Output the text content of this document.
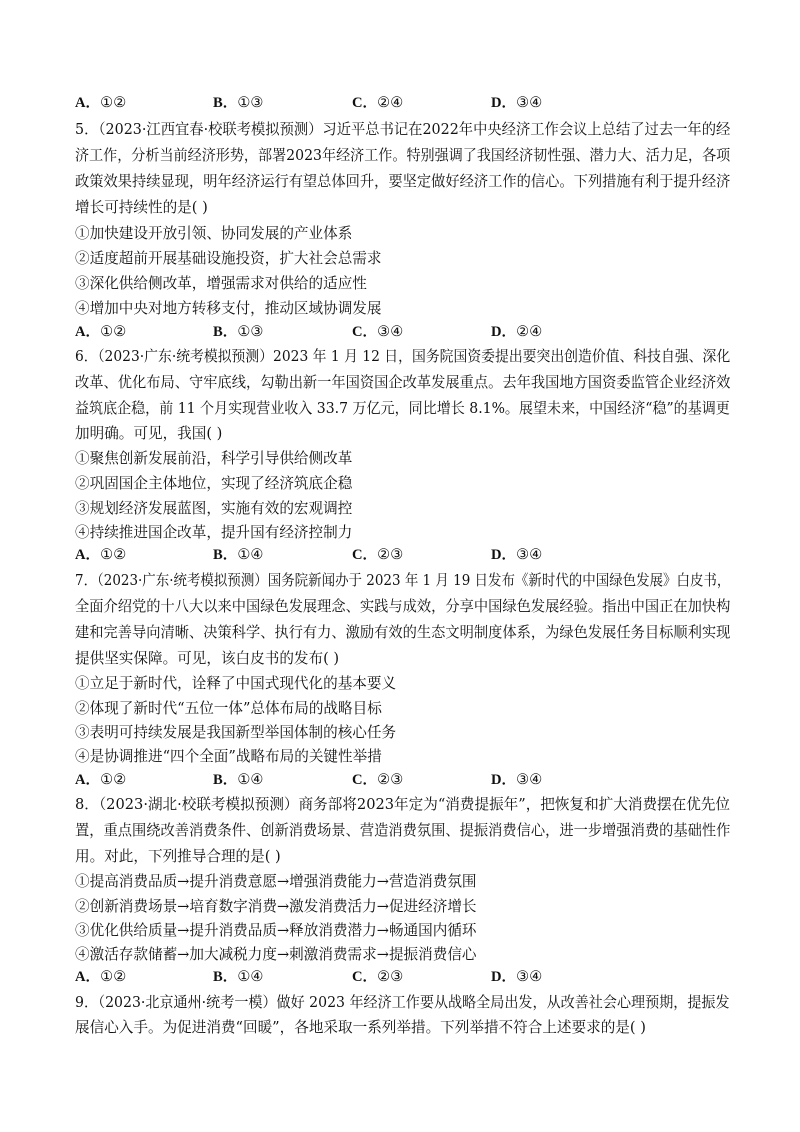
A．①②	B．①③	C．②④	D．③④
5．（2023·江西宜春·校联考模拟预测）习近平总书记在2022年中央经济工作会议上总结了过去一年的经
济工作，分析当前经济形势，部署2023年经济工作。特别强调了我国经济韧性强、潜力大、活力足，各项
政策效果持续显现，明年经济运行有望总体回升，要坚定做好经济工作的信心。下列措施有利于提升经济
增长可持续性的是( )
①加快建设开放引领、协同发展的产业体系
②适度超前开展基础设施投资，扩大社会总需求
③深化供给侧改革，增强需求对供给的适应性
④增加中央对地方转移支付，推动区域协调发展
A．①②	B．①③	C．③④	D．②④
6．（2023·广东·统考模拟预测）2023 年 1 月 12 日，国务院国资委提出要突出创造价值、科技自强、深化
改革、优化布局、守牢底线，勾勒出新一年国资国企改革发展重点。去年我国地方国资委监管企业经济效
益筑底企稳，前 11 个月实现营业收入 33.7 万亿元，同比增长 8.1%。展望未来，中国经济“稳”的基调更
加明确。可见，我国( )
①聚焦创新发展前沿，科学引导供给侧改革
②巩固国企主体地位，实现了经济筑底企稳
③规划经济发展蓝图，实施有效的宏观调控
④持续推进国企改革，提升国有经济控制力
A．①②	B．①④	C．②③	D．③④
7．（2023·广东·统考模拟预测）国务院新闻办于 2023 年 1 月 19 日发布《新时代的中国绿色发展》白皮书，
全面介绍党的十八大以来中国绿色发展理念、实践与成效，分享中国绿色发展经验。指出中国正在加快构
建和完善导向清晰、决策科学、执行有力、激励有效的生态文明制度体系，为绿色发展任务目标顺利实现
提供坚实保障。可见，该白皮书的发布( )
①立足于新时代，诠释了中国式现代化的基本要义
②体现了新时代“五位一体”总体布局的战略目标
③表明可持续发展是我国新型举国体制的核心任务
④是协调推进“四个全面”战略布局的关键性举措
A．①②	B．①④	C．②③	D．③④
8．（2023·湖北·校联考模拟预测）商务部将2023年定为“消费提振年”，把恢复和扩大消费摆在优先位
置，重点围绕改善消费条件、创新消费场景、营造消费氛围、提振消费信心，进一步增强消费的基础性作
用。对此，下列推导合理的是( )
①提高消费品质→提升消费意愿→增强消费能力→营造消费氛围
②创新消费场景→培育数字消费→激发消费活力→促进经济增长
③优化供给质量→提升消费品质→释放消费潜力→畅通国内循环
④激活存款储蓄→加大减税力度→刺激消费需求→提振消费信心
A．①②	B．①④	C．②③	D．③④
9．（2023·北京通州·统考一模）做好 2023 年经济工作要从战略全局出发，从改善社会心理预期，提振发
展信心入手。为促进消费“回暖”，各地采取一系列举措。下列举措不符合上述要求的是( )
